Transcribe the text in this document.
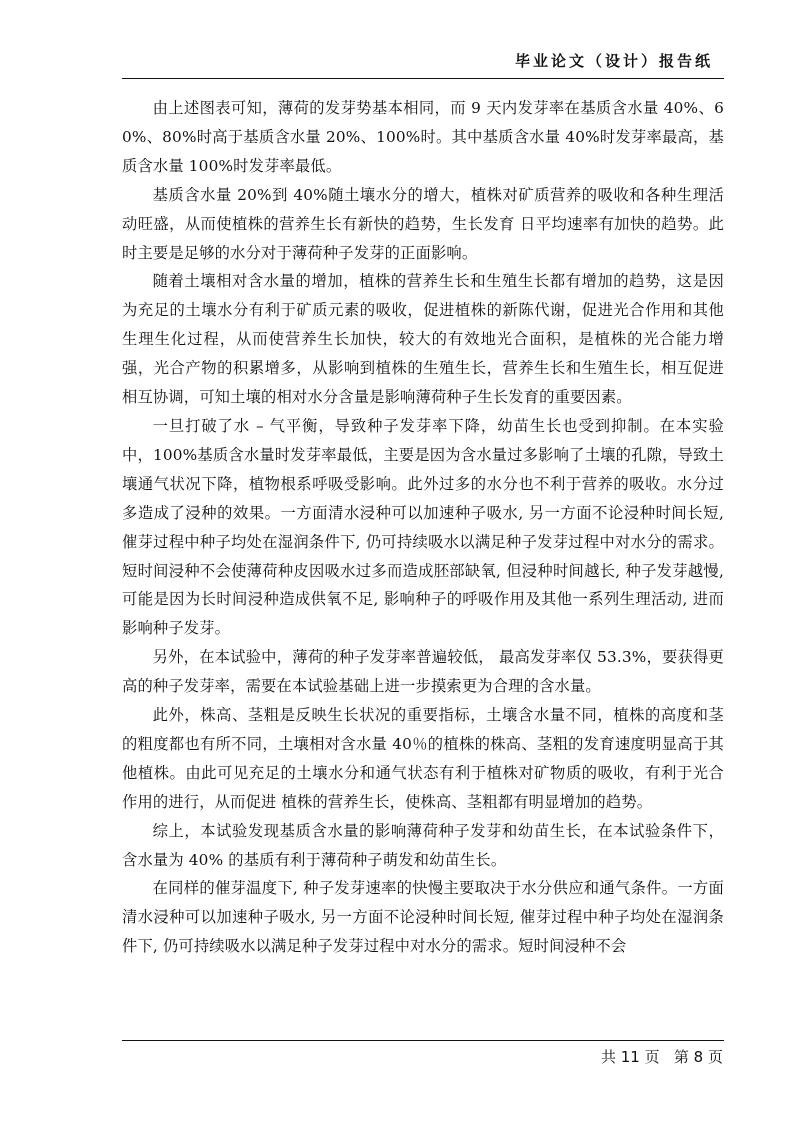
毕业论文（设计）报告纸

由上述图表可知，薄荷的发芽势基本相同，而 9 天内发芽率在基质含水量 40%、60%、80%时高于基质含水量 20%、100%时。其中基质含水量 40%时发芽率最高，基质含水量 100%时发芽率最低。

基质含水量 20%到 40%随土壤水分的增大，植株对矿质营养的吸收和各种生理活动旺盛，从而使植株的营养生长有新快的趋势，生长发育 日平均速率有加快的趋势。此时主要是足够的水分对于薄荷种子发芽的正面影响。

随着土壤相对含水量的增加，植株的营养生长和生殖生长都有增加的趋势，这是因为充足的土壤水分有利于矿质元素的吸收，促进植株的新陈代谢，促进光合作用和其他生理生化过程，从而使营养生长加快，较大的有效地光合面积，是植株的光合能力增强，光合产物的积累增多，从影响到植株的生殖生长，营养生长和生殖生长，相互促进相互协调，可知土壤的相对水分含量是影响薄荷种子生长发育的重要因素。

一旦打破了水 – 气平衡，导致种子发芽率下降，幼苗生长也受到抑制。在本实验中，100%基质含水量时发芽率最低，主要是因为含水量过多影响了土壤的孔隙，导致土壤通气状况下降，植物根系呼吸受影响。此外过多的水分也不利于营养的吸收。水分过多造成了浸种的效果。一方面清水浸种可以加速种子吸水, 另一方面不论浸种时间长短, 催芽过程中种子均处在湿润条件下, 仍可持续吸水以满足种子发芽过程中对水分的需求。短时间浸种不会使薄荷种皮因吸水过多而造成胚部缺氧, 但浸种时间越长, 种子发芽越慢, 可能是因为长时间浸种造成供氧不足, 影响种子的呼吸作用及其他一系列生理活动, 进而影响种子发芽。

另外，在本试验中，薄荷的种子发芽率普遍较低， 最高发芽率仅 53.3%，要获得更高的种子发芽率，需要在本试验基础上进一步摸索更为合理的含水量。

此外，株高、茎粗是反映生长状况的重要指标，土壤含水量不同，植株的高度和茎的粗度都也有所不同，土壤相对含水量 40％的植株的株高、茎粗的发育速度明显高于其他植株。由此可见充足的土壤水分和通气状态有利于植株对矿物质的吸收，有利于光合作用的进行，从而促进 植株的营养生长，使株高、茎粗都有明显增加的趋势。

综上，本试验发现基质含水量的影响薄荷种子发芽和幼苗生长，在本试验条件下，含水量为 40% 的基质有利于薄荷种子萌发和幼苗生长。

在同样的催芽温度下, 种子发芽速率的快慢主要取决于水分供应和通气条件。一方面清水浸种可以加速种子吸水, 另一方面不论浸种时间长短, 催芽过程中种子均处在湿润条件下, 仍可持续吸水以满足种子发芽过程中对水分的需求。短时间浸种不会

共 11 页   第 8 页
